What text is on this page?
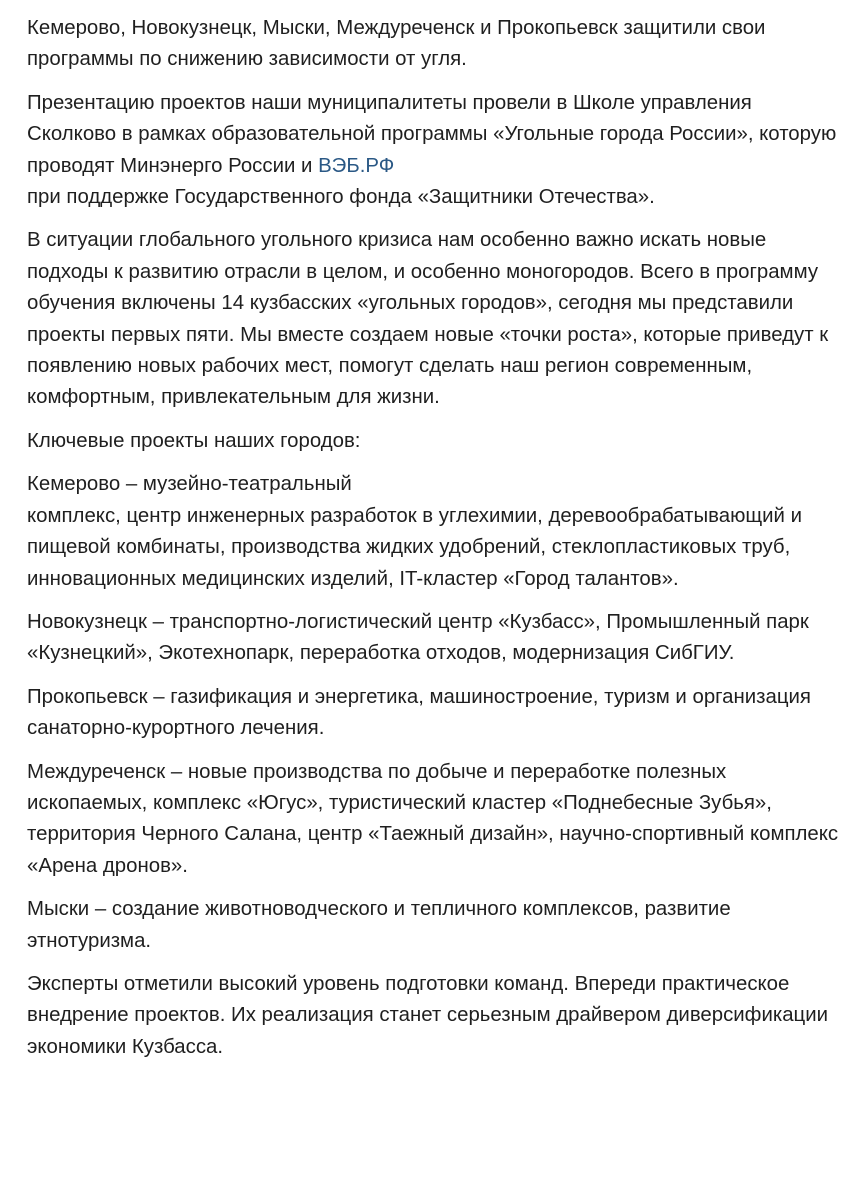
Кемерово, Новокузнецк, Мыски, Междуреченск и Прокопьевск защитили свои программы по снижению зависимости от угля.

Презентацию проектов наши муниципалитеты провели в Школе управления Сколково в рамках образовательной программы «Угольные города России», которую проводят Минэнерго России и ВЭБ.РФ
при поддержке Государственного фонда «Защитники Отечества».

В ситуации глобального угольного кризиса нам особенно важно искать новые подходы к развитию отрасли в целом, и особенно моногородов. Всего в программу обучения включены 14 кузбасских «угольных городов», сегодня мы представили проекты первых пяти. Мы вместе создаем новые «точки роста», которые приведут к появлению новых рабочих мест, помогут сделать наш регион современным, комфортным, привлекательным для жизни.

Ключевые проекты наших городов:

Кемерово – музейно-театральный
комплекс, центр инженерных разработок в углехимии, деревообрабатывающий и пищевой комбинаты, производства жидких удобрений, стеклопластиковых труб, инновационных медицинских изделий, IT-кластер «Город талантов».

Новокузнецк – транспортно-логистический центр «Кузбасс», Промышленный парк «Кузнецкий», Экотехнопарк, переработка отходов, модернизация СибГИУ.

Прокопьевск – газификация и энергетика, машиностроение, туризм и организация санаторно-курортного лечения.

Междуреченск – новые производства по добыче и переработке полезных ископаемых, комплекс «Югус», туристический кластер «Поднебесные Зубья», территория Черного Салана, центр «Таежный дизайн», научно-спортивный комплекс «Арена дронов».

Мыски – создание животноводческого и тепличного комплексов, развитие этнотуризма.

Эксперты отметили высокий уровень подготовки команд. Впереди практическое внедрение проектов. Их реализация станет серьезным драйвером диверсификации экономики Кузбасса.
